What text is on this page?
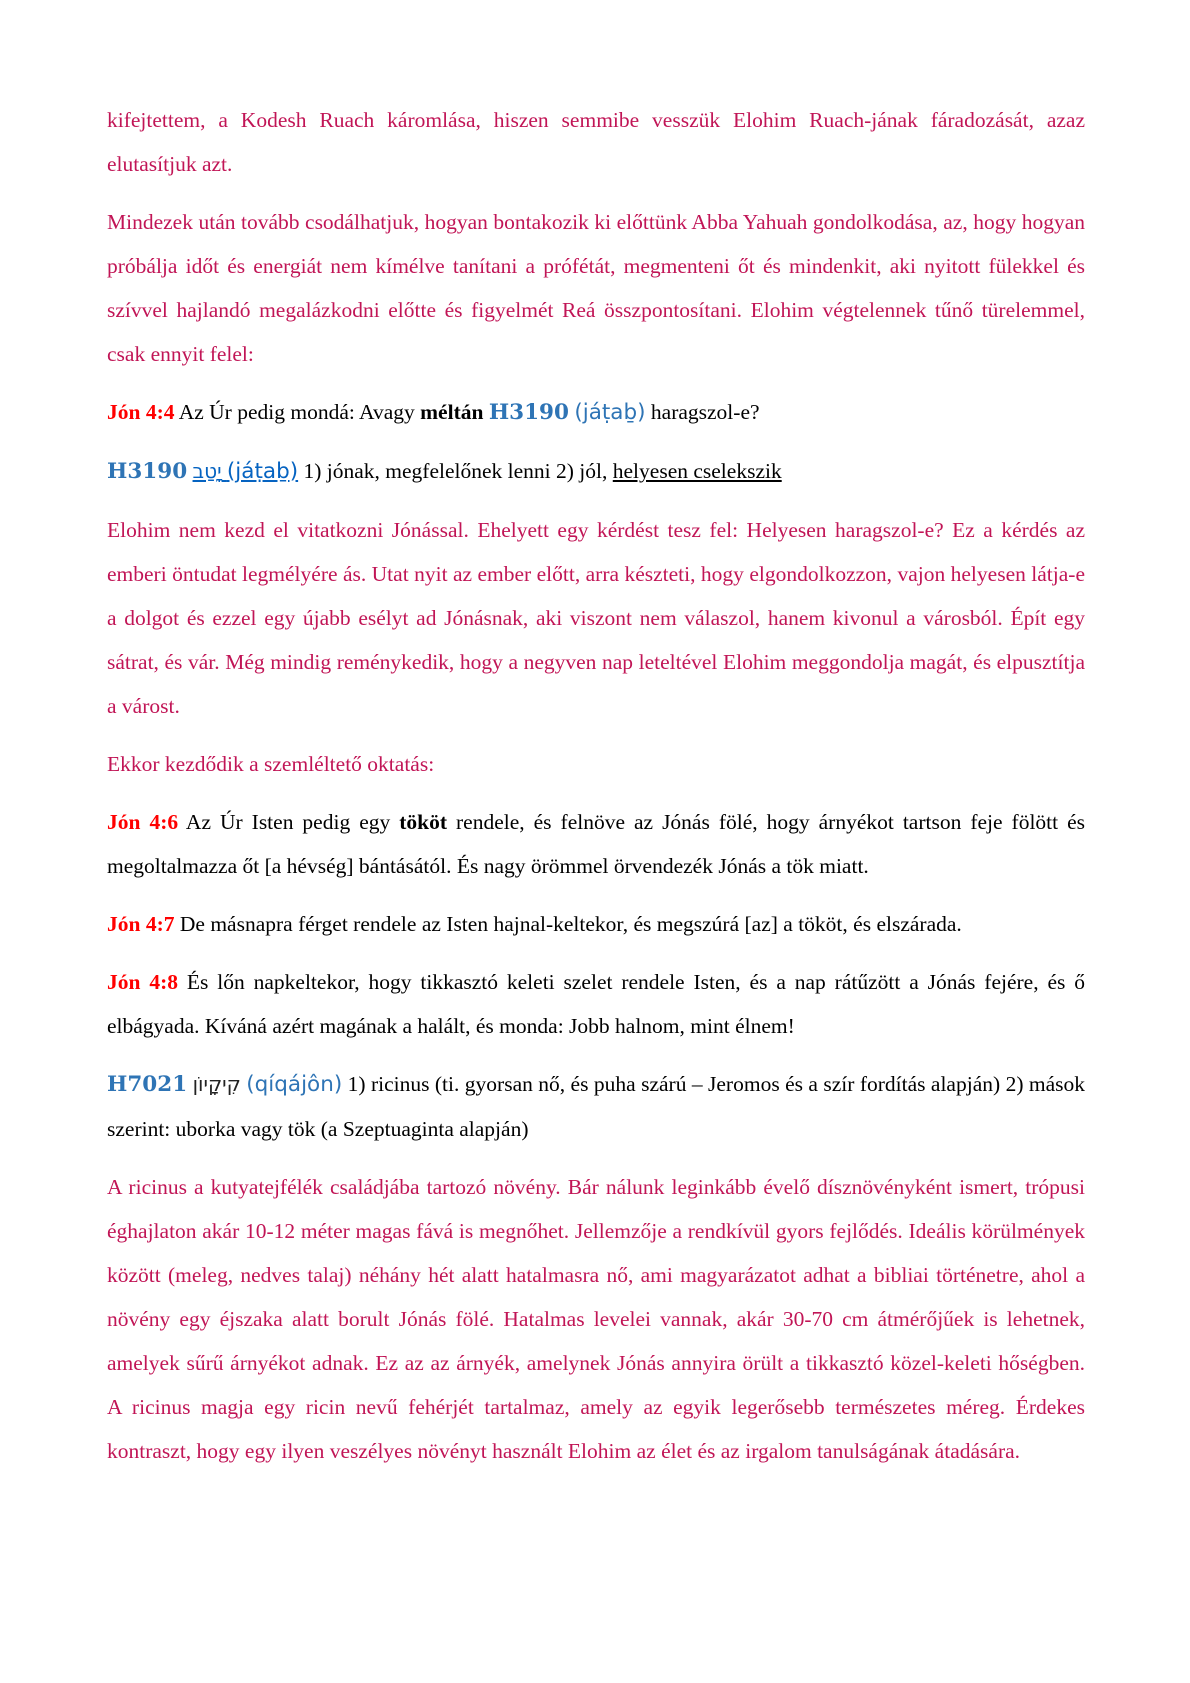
kifejtettem, a Kodesh Ruach káromlása, hiszen semmibe vesszük Elohim Ruach-jának fáradozását, azaz elutasítjuk azt.

Mindezek után tovább csodálhatjuk, hogyan bontakozik ki előttünk Abba Yahuah gondolkodása, az, hogy hogyan próbálja időt és energiát nem kímélve tanítani a prófétát, megmenteni őt és mindenkit, aki nyitott fülekkel és szívvel hajlandó megalázkodni előtte és figyelmét Reá összpontosítani. Elohim végtelennek tűnő türelemmel, csak ennyit felel:

Jón 4:4 Az Úr pedig mondá: Avagy méltán H3190 (jáṭaḇ) haragszol-e?

H3190 יָטַב (jáṭaḇ) 1) jónak, megfelelőnek lenni 2) jól, helyesen cselekszik

Elohim nem kezd el vitatkozni Jónással. Ehelyett egy kérdést tesz fel: Helyesen haragszol-e? Ez a kérdés az emberi öntudat legmélyére ás. Utat nyit az ember előtt, arra készteti, hogy elgondolkozzon, vajon helyesen látja-e a dolgot és ezzel egy újabb esélyt ad Jónásnak, aki viszont nem válaszol, hanem kivonul a városból. Épít egy sátrat, és vár. Még mindig reménykedik, hogy a negyven nap leteltével Elohim meggondolja magát, és elpusztítja a várost.

Ekkor kezdődik a szemléltető oktatás:

Jón 4:6 Az Úr Isten pedig egy tököt rendele, és felnöve az Jónás fölé, hogy árnyékot tartson feje fölött és megoltalmazza őt [a hévség] bántásától. És nagy örömmel örvendezék Jónás a tök miatt.

Jón 4:7 De másnapra férget rendele az Isten hajnal-keltekor, és megszúrá [az] a tököt, és elszárada.

Jón 4:8 És lőn napkeltekor, hogy tikkasztó keleti szelet rendele Isten, és a nap rátűzött a Jónás fejére, és ő elbágyada. Kíváná azért magának a halált, és monda: Jobb halnom, mint élnem!

H7021 קִיקָיוֹן (qíqájôn) 1) ricinus (ti. gyorsan nő, és puha szárú – Jeromos és a szír fordítás alapján) 2) mások szerint: uborka vagy tök (a Szeptuaginta alapján)

A ricinus a kutyatejfélék családjába tartozó növény. Bár nálunk leginkább évelő dísznövényként ismert, trópusi éghajlaton akár 10-12 méter magas fává is megnőhet. Jellemzője a rendkívül gyors fejlődés. Ideális körülmények között (meleg, nedves talaj) néhány hét alatt hatalmasra nő, ami magyarázatot adhat a bibliai történetre, ahol a növény egy éjszaka alatt borult Jónás fölé. Hatalmas levelei vannak, akár 30-70 cm átmérőjűek is lehetnek, amelyek sűrű árnyékot adnak. Ez az az árnyék, amelynek Jónás annyira örült a tikkasztó közel-keleti hőségben. A ricinus magja egy ricin nevű fehérjét tartalmaz, amely az egyik legerősebb természetes méreg. Érdekes kontraszt, hogy egy ilyen veszélyes növényt használt Elohim az élet és az irgalom tanulságának átadására.
